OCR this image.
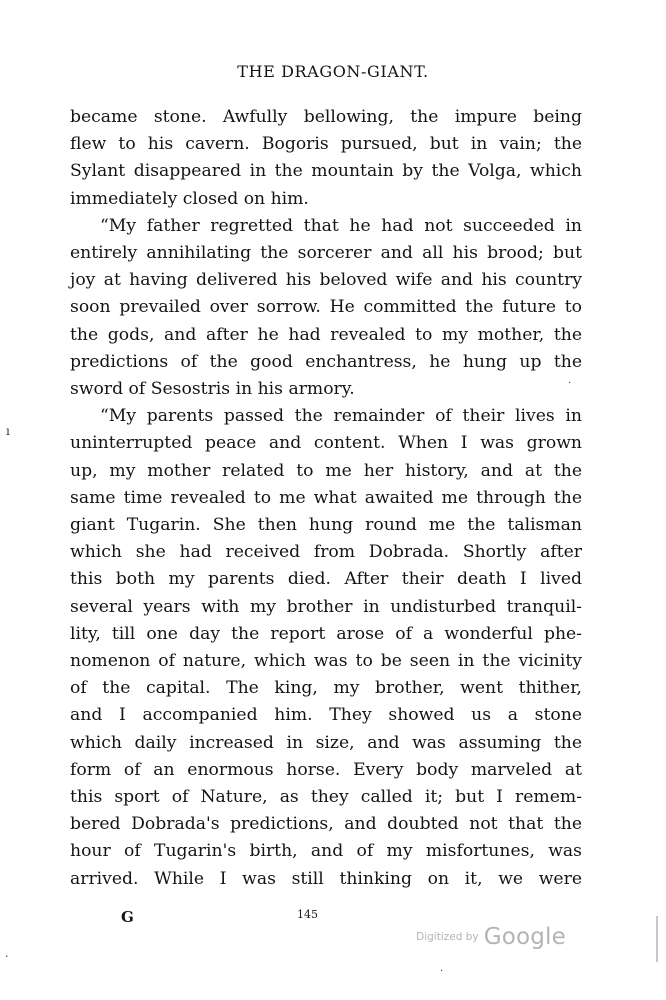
THE DRAGON-GIANT.
became stone. Awfully bellowing, the impure being
flew to his cavern. Bogoris pursued, but in vain; the
Sylant disappeared in the mountain by the Volga, which
immediately closed on him.
“My father regretted that he had not succeeded in
entirely annihilating the sorcerer and all his brood; but
joy at having delivered his beloved wife and his country
soon prevailed over sorrow. He committed the future to
the gods, and after he had revealed to my mother, the
predictions of the good enchantress, he hung up the
sword of Sesostris in his armory.
“My parents passed the remainder of their lives in
uninterrupted peace and content. When I was grown
up, my mother related to me her history, and at the
same time revealed to me what awaited me through the
giant Tugarin. She then hung round me the talisman
which she had received from Dobrada. Shortly after
this both my parents died. After their death I lived
several years with my brother in undisturbed tranquil-
lity, till one day the report arose of a wonderful phe-
nomenon of nature, which was to be seen in the vicinity
of the capital. The king, my brother, went thither,
and I accompanied him. They showed us a stone
which daily increased in size, and was assuming the
form of an enormous horse. Every body marveled at
this sport of Nature, as they called it; but I remem-
bered Dobrada's predictions, and doubted not that the
hour of Tugarin's birth, and of my misfortunes, was
arrived. While I was still thinking on it, we were
G	145
Digitized by Google
ı
·
·
·
